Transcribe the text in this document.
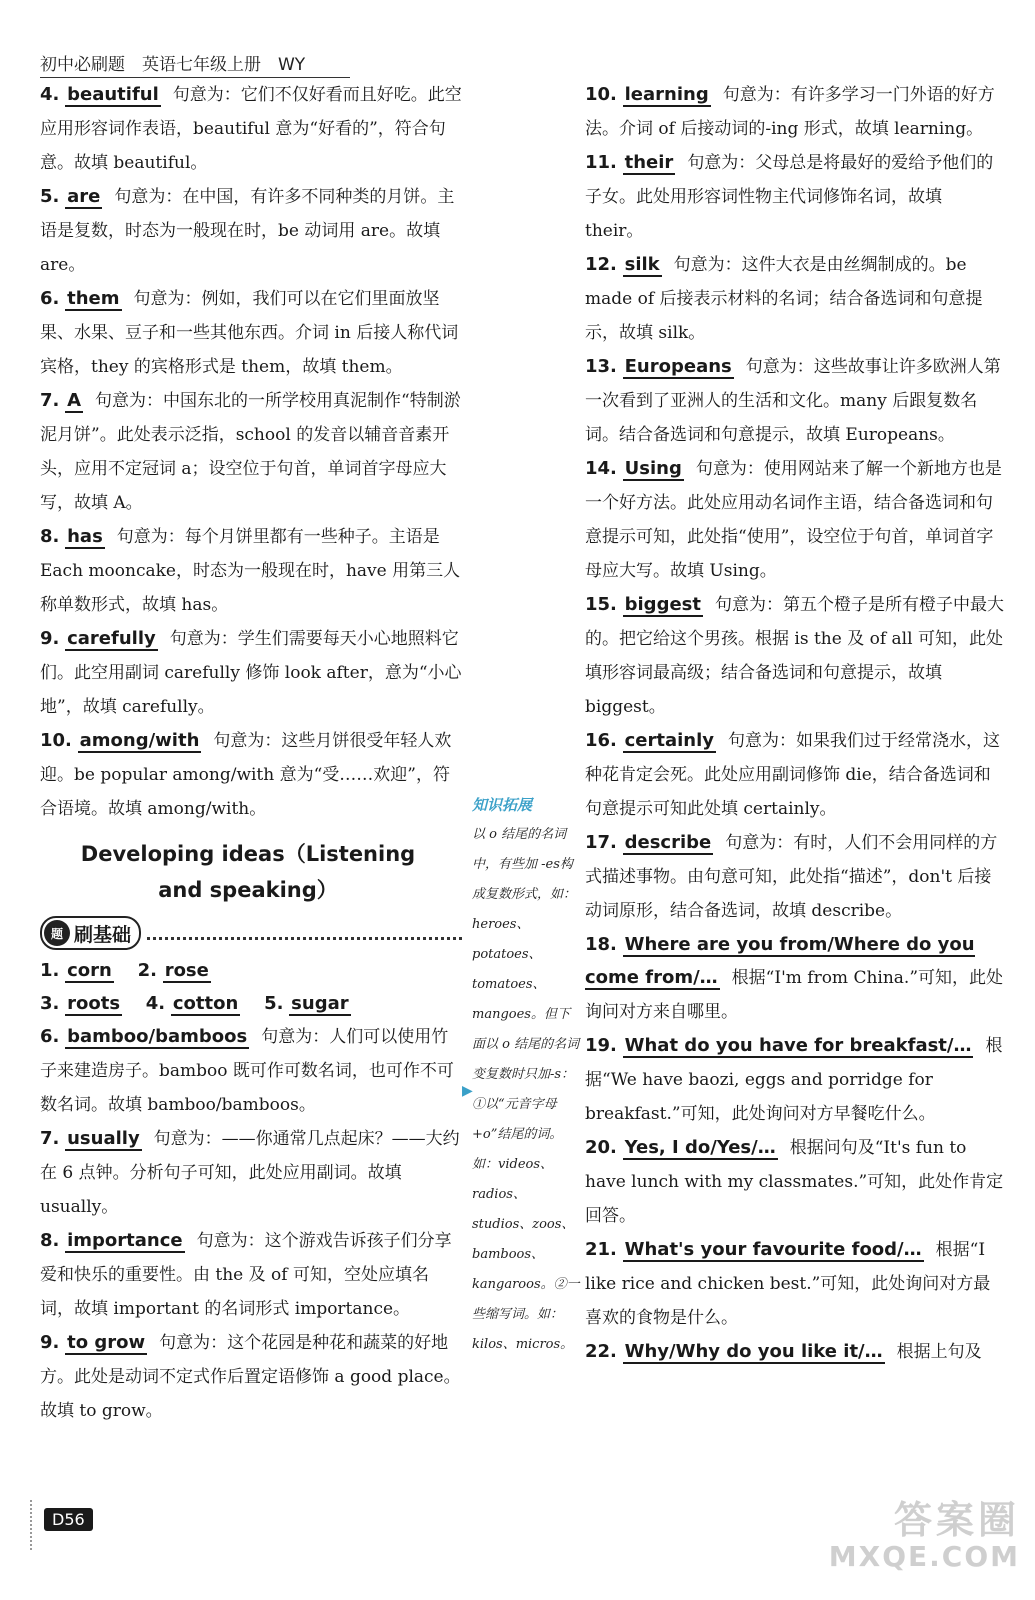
初中必刷题　英语七年级上册　WY

4. beautiful 句意为：它们不仅好看而且好吃。此空应用形容词作表语，beautiful 意为“好看的”，符合句意。故填 beautiful。

5. are 句意为：在中国，有许多不同种类的月饼。主语是复数，时态为一般现在时，be 动词用 are。故填 are。

6. them 句意为：例如，我们可以在它们里面放坚果、水果、豆子和一些其他东西。介词 in 后接人称代词宾格，they 的宾格形式是 them，故填 them。

7. A 句意为：中国东北的一所学校用真泥制作“特制淤泥月饼”。此处表示泛指，school 的发音以辅音音素开头，应用不定冠词 a；设空位于句首，单词首字母应大写，故填 A。

8. has 句意为：每个月饼里都有一些种子。主语是 Each mooncake，时态为一般现在时，have 用第三人称单数形式，故填 has。

9. carefully 句意为：学生们需要每天小心地照料它们。此空用副词 carefully 修饰 look after，意为“小心地”，故填 carefully。

10. among/with 句意为：这些月饼很受年轻人欢迎。be popular among/with 意为“受……欢迎”，符合语境。故填 among/with。

Developing ideas（Listening
and speaking）
题 刷基础
1. corn 2. rose
3. roots 4. cotton 5. sugar

6. bamboo/bamboos 句意为：人们可以使用竹子来建造房子。bamboo 既可作可数名词，也可作不可数名词。故填 bamboo/bamboos。

7. usually 句意为：——你通常几点起床？——大约在 6 点钟。分析句子可知，此处应用副词。故填 usually。

8. importance 句意为：这个游戏告诉孩子们分享爱和快乐的重要性。由 the 及 of 可知，空处应填名词，故填 important 的名词形式 importance。

9. to grow 句意为：这个花园是种花和蔬菜的好地方。此处是动词不定式作后置定语修饰 a good place。故填 to grow。

10. learning 句意为：有许多学习一门外语的好方法。介词 of 后接动词的-ing 形式，故填 learning。

11. their 句意为：父母总是将最好的爱给予他们的子女。此处用形容词性物主代词修饰名词，故填 their。

12. silk 句意为：这件大衣是由丝绸制成的。be made of 后接表示材料的名词；结合备选词和句意提示，故填 silk。

13. Europeans 句意为：这些故事让许多欧洲人第一次看到了亚洲人的生活和文化。many 后跟复数名词。结合备选词和句意提示，故填 Europeans。

14. Using 句意为：使用网站来了解一个新地方也是一个好方法。此处应用动名词作主语，结合备选词和句意提示可知，此处指“使用”，设空位于句首，单词首字母应大写。故填 Using。

15. biggest 句意为：第五个橙子是所有橙子中最大的。把它给这个男孩。根据 is the 及 of all 可知，此处填形容词最高级；结合备选词和句意提示，故填 biggest。

16. certainly 句意为：如果我们过于经常浇水，这种花肯定会死。此处应用副词修饰 die，结合备选词和句意提示可知此处填 certainly。

17. describe 句意为：有时，人们不会用同样的方式描述事物。由句意可知，此处指“描述”，don't 后接动词原形，结合备选词，故填 describe。

18. Where are you from/Where do you come from/… 根据“I'm from China.”可知，此处询问对方来自哪里。

19. What do you have for breakfast/… 根据“We have baozi, eggs and porridge for breakfast.”可知，此处询问对方早餐吃什么。

20. Yes, I do/Yes/… 根据问句及“It's fun to have lunch with my classmates.”可知，此处作肯定回答。

21. What's your favourite food/… 根据“I like rice and chicken best.”可知，此处询问对方最喜欢的食物是什么。

22. Why/Why do you like it/… 根据上句及

▶
知识拓展
以 o 结尾的名词中，有些加 -es构成复数形式，如：heroes、potatoes、tomatoes、mangoes。但下面以 o 结尾的名词变复数时只加-s：①以“元音字母+o”结尾的词。如：videos、radios、studios、zoos、bamboos、kangaroos。②一些缩写词。如：kilos、micros。
D56	答案圈
MXQE.COM
